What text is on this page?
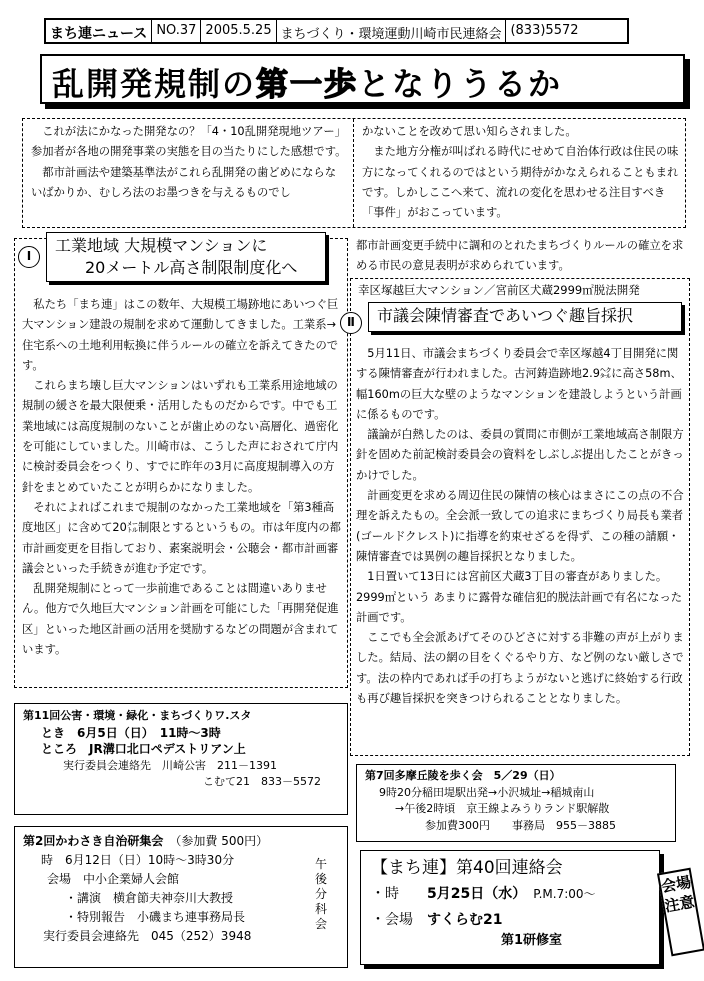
まち連ニュース NO.37 2005.5.25 まちづくり・環境運動川崎市民連絡会 (833)5572
乱開発規制の第一歩となりうるか
　これが法にかなった開発なの？「4・10乱開発現地ツアー」参加者が各地の開発事業の実態を目の当たりにした感想です。
　都市計画法や建築基準法がこれら乱開発の歯どめにならないばかりか、むしろ法のお墨つきを与えるものでし
かないことを改めて思い知らされました。
　また地方分権が叫ばれる時代にせめて自治体行政は住民の味方になってくれるのではという期待がかなえられることもまれです。しかしここへ来て、流れの変化を思わせる注目すべき「事件」がおこっています。
Ⅰ
工業地域 大規模マンションに
20メートル高さ制限制度化へ
　私たち「まち連」はこの数年、大規模工場跡地にあいつぐ巨大マンション建設の規制を求めて運動してきました。工業系→住宅系への土地利用転換に伴うルールの確立を訴えてきたのです。
　これらまち壊し巨大マンションはいずれも工業系用途地域の規制の緩さを最大限便乗・活用したものだからです。中でも工業地域には高度規制のないことが歯止めのない高層化、過密化を可能にしていました。川崎市は、こうした声におされて庁内に検討委員会をつくり、すでに昨年の3月に高度規制導入の方針をまとめていたことが明らかになりました。
　それによればこれまで規制のなかった工業地域を「第3種高度地区」に含めて20㍍制限とするというもの。市は年度内の都市計画変更を目指しており、素案説明会・公聴会・都市計画審議会といった手続きが進む予定です。
　乱開発規制にとって一歩前進であることは間違いありません。他方で久地巨大マンション計画を可能にした「再開発促進区」といった地区計画の活用を奨励するなどの問題が含まれています。
都市計画変更手続中に調和のとれたまちづくりルールの確立を求める市民の意見表明が求められています。
幸区塚越巨大マンション／宮前区犬蔵2999㎡脱法開発
Ⅱ	市議会陳情審査であいつぐ趣旨採択
　5月11日、市議会まちづくり委員会で幸区塚越4丁目開発に関する陳情審査が行われました。古河鋳造跡地2.9㌶に高さ58m、幅160mの巨大な壁のようなマンションを建設しようという計画に係るものです。
　議論が白熱したのは、委員の質問に市側が工業地域高さ制限方針を固めた前記検討委員会の資料をしぶしぶ提出したことがきっかけでした。
　計画変更を求める周辺住民の陳情の核心はまさにこの点の不合理を訴えたもの。全会派一致しての追求にまちづくり局長も業者(ゴールドクレスト)に指導を約束せざるを得ず、この種の請願・陳情審査では異例の趣旨採択となりました。
　1日置いて13日には宮前区犬蔵3丁目の審査がありました。2999㎡という あまりに露骨な確信犯的脱法計画で有名になった計画です。
　ここでも全会派あげてそのひどさに対する非難の声が上がりました。結局、法の網の目をくぐるやり方、など例のない厳しさです。法の枠内であれば手の打ちようがないと逃げに終始する行政も再び趣旨採択を突きつけられることとなりました。
第11回公害・環境・緑化・まちづくりワ.スタ
とき　 6月5日（日）　11時～3時
ところ　 JR溝口北口ペデストリアン上
実行委員会連絡先　 川崎公害　211－1391
こむて21　833－5572	第7回多摩丘陵を歩く会　5／29（日）
9時20分稲田堤駅出発→小沢城址→稲城南山
→午後2時頃　京王線よみうりランド駅解散
参加費300円　　事務局　955－3885
第2回かわさき自治研集会　 （参加費 500円）
時　6月12日（日）10時～3時30分
会場　中小企業婦人会館
・講演　横倉節夫神奈川大教授
・特別報告　小磯まち連事務局長
実行委員会連絡先　045（252）3948
午後分科会
【まち連】第40回連絡会
・時　　 5月25日（水）　 P.M.7:00～
・会場　 すくらむ21
第1研修室
会場注意
